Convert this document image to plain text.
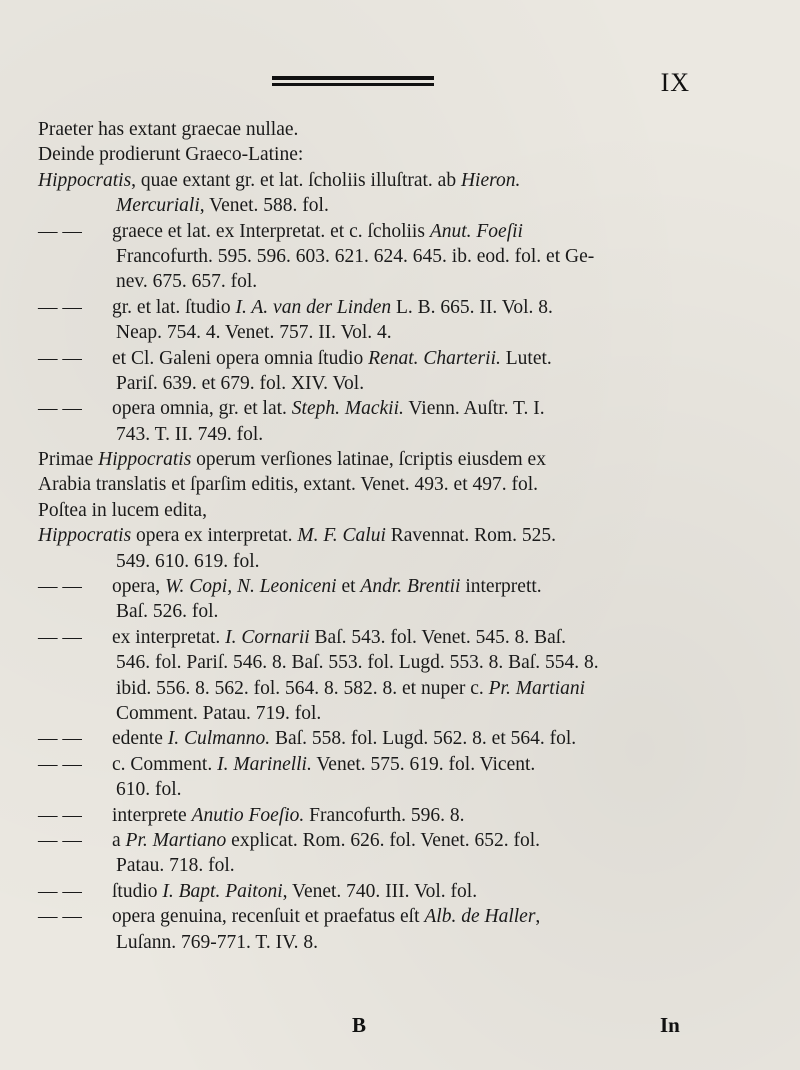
IX
Praeter has extant graecae nullae.
Deinde prodierunt Graeco-Latine:
Hippocratis, quae extant gr. et lat. ſcholiis illuſtrat. ab Hieron.
Mercuriali, Venet. 588. fol.
— — graece et lat. ex Interpretat. et c. ſcholiis Anut. Foeſii
Francofurth. 595. 596. 603. 621. 624. 645. ib. eod. fol. et Ge-
nev. 675. 657. fol.
— — gr. et lat. ſtudio I. A. van der Linden L. B. 665. II. Vol. 8.
Neap. 754. 4. Venet. 757. II. Vol. 4.
— — et Cl. Galeni opera omnia ſtudio Renat. Charterii. Lutet.
Pariſ. 639. et 679. fol. XIV. Vol.
— — opera omnia, gr. et lat. Steph. Mackii. Vienn. Auſtr. T. I.
743. T. II. 749. fol.
Primae Hippocratis operum verſiones latinae, ſcriptis eiusdem ex
Arabia translatis et ſparſim editis, extant. Venet. 493. et 497. fol.
Poſtea in lucem edita,
Hippocratis opera ex interpretat. M. F. Calui Ravennat. Rom. 525.
549. 610. 619. fol.
— — opera, W. Copi, N. Leoniceni et Andr. Brentii interprett.
Baſ. 526. fol.
— — ex interpretat. I. Cornarii Baſ. 543. fol. Venet. 545. 8. Baſ.
546. fol. Pariſ. 546. 8. Baſ. 553. fol. Lugd. 553. 8. Baſ. 554. 8.
ibid. 556. 8. 562. fol. 564. 8. 582. 8. et nuper c. Pr. Martiani
Comment. Patau. 719. fol.
— — edente I. Culmanno. Baſ. 558. fol. Lugd. 562. 8. et 564. fol.
— — c. Comment. I. Marinelli. Venet. 575. 619. fol. Vicent.
610. fol.
— — interprete Anutio Foeſio. Francofurth. 596. 8.
— — a Pr. Martiano explicat. Rom. 626. fol. Venet. 652. fol.
Patau. 718. fol.
— — ſtudio I. Bapt. Paitoni, Venet. 740. III. Vol. fol.
— — opera genuina, recenſuit et praefatus eſt Alb. de Haller,
Luſann. 769-771. T. IV. 8.
B	In
